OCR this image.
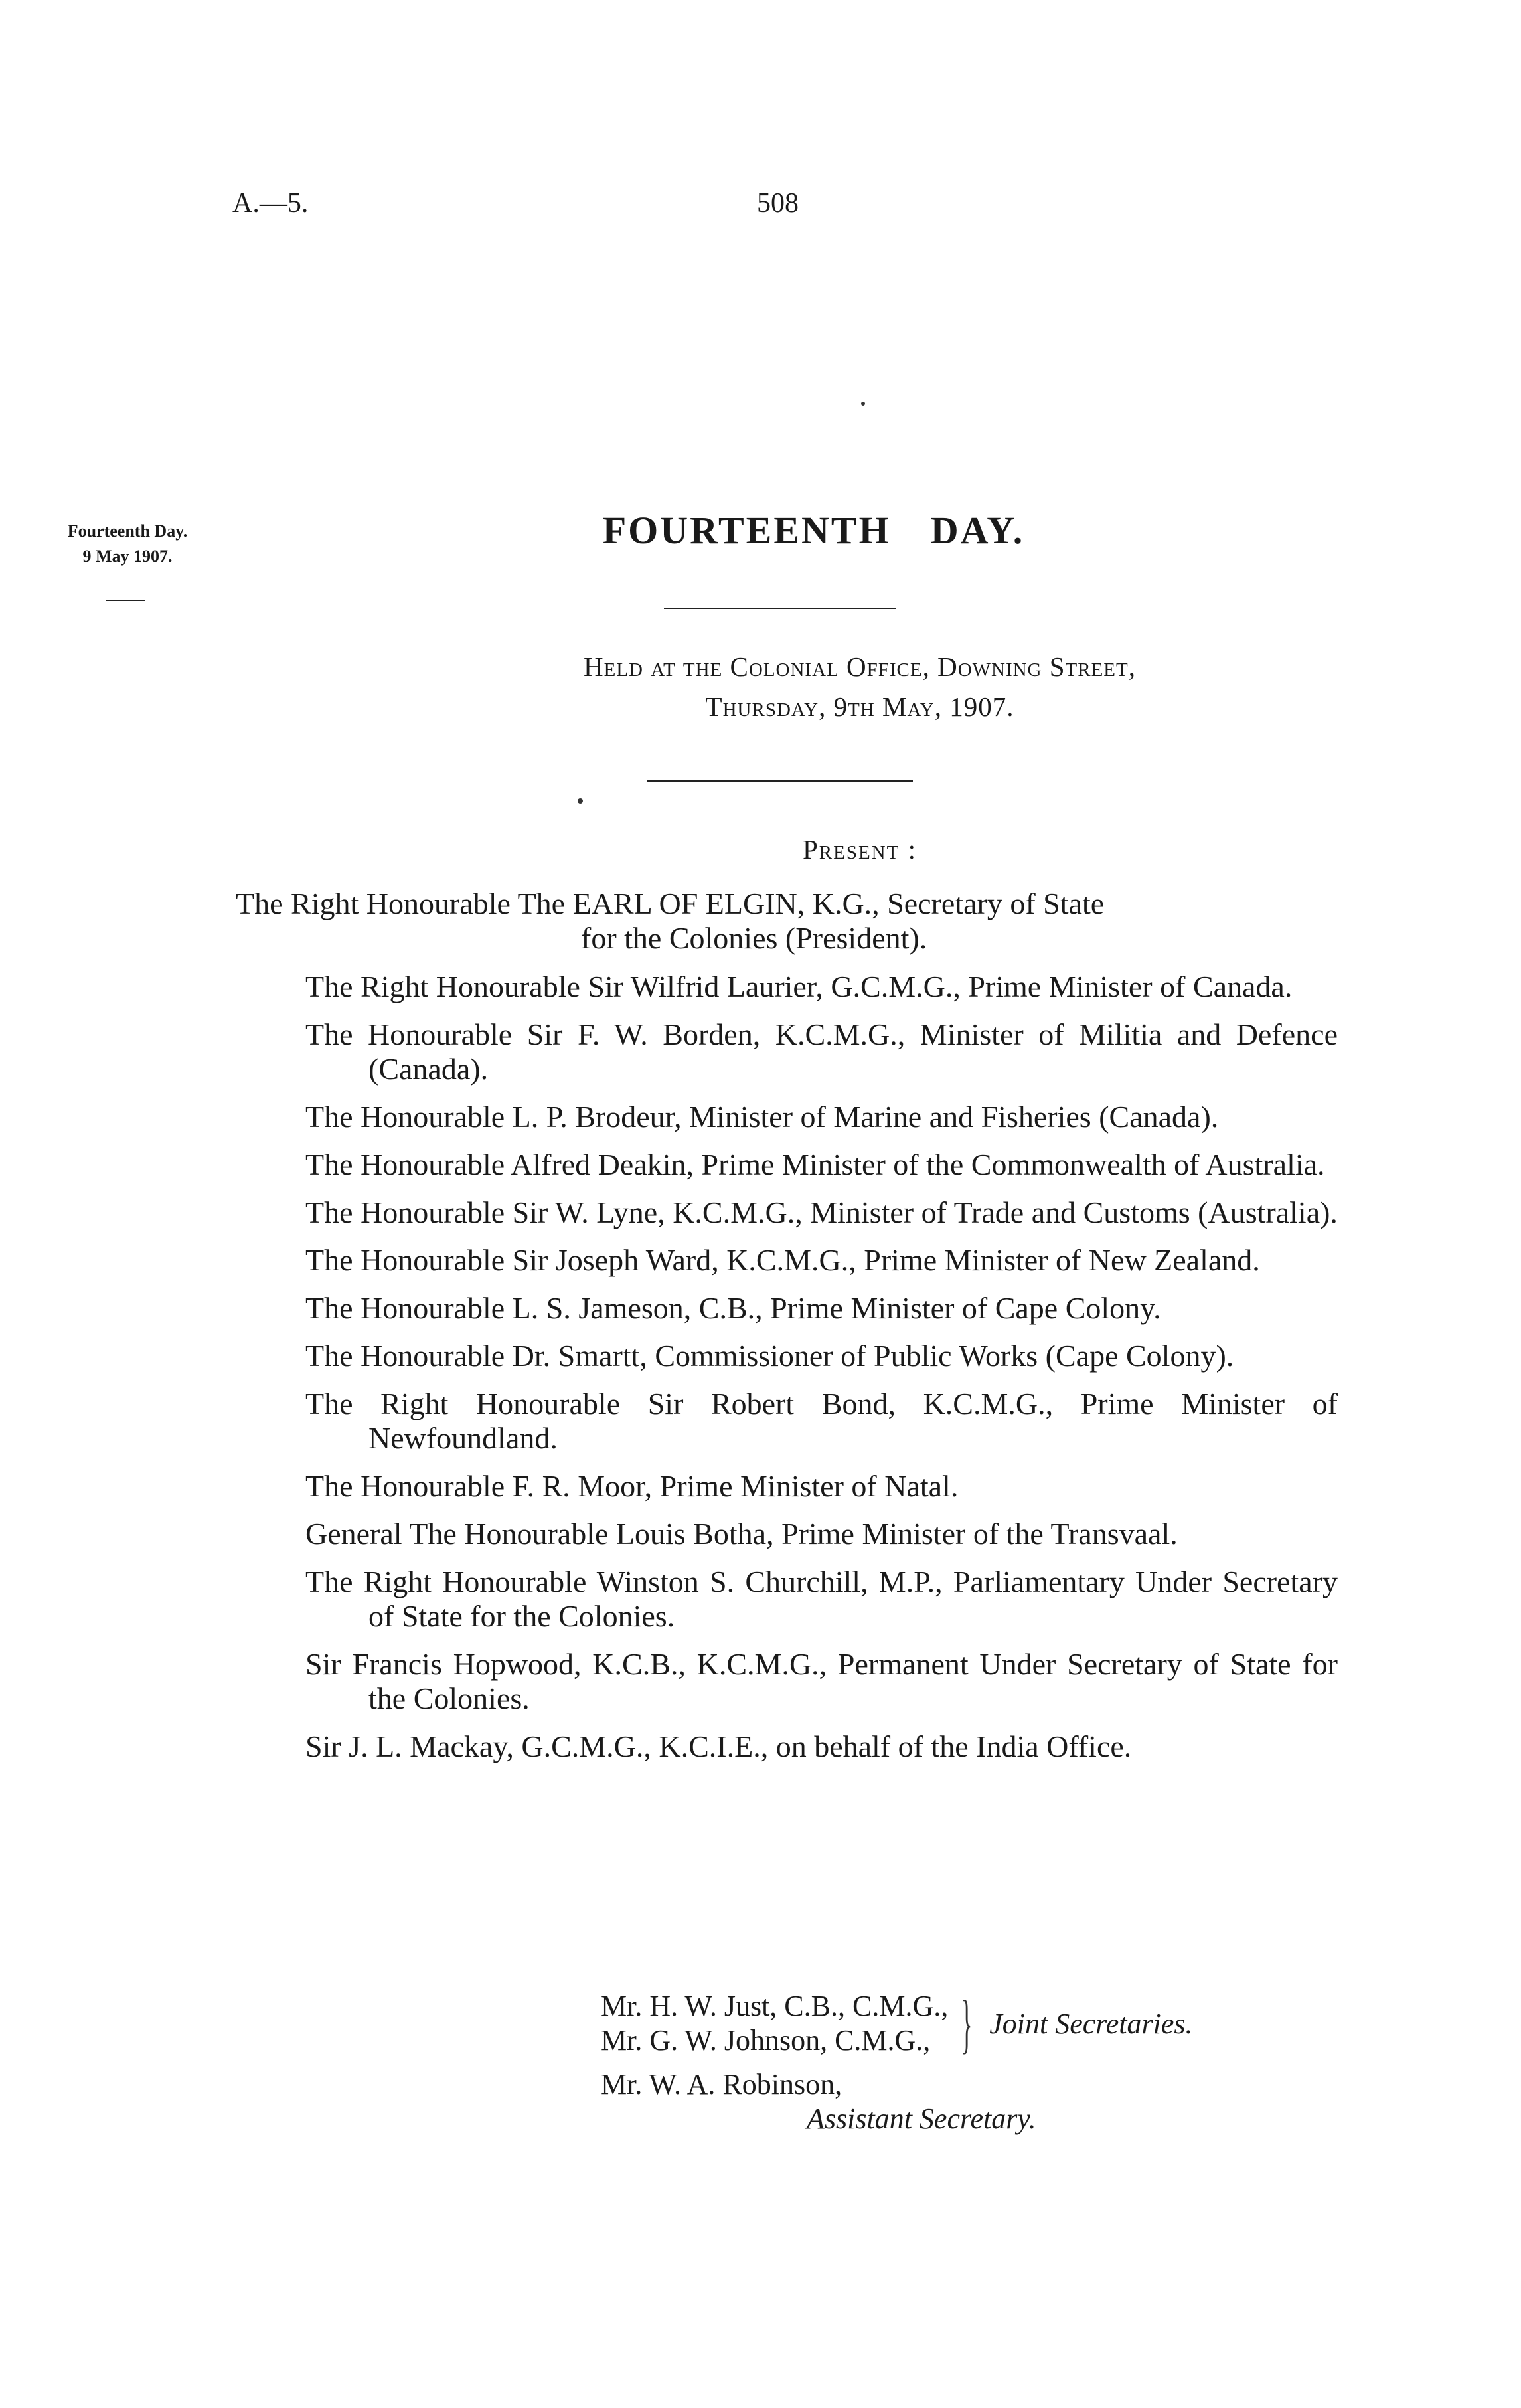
A.—5.	508
Fourteenth Day.
9 May 1907.
FOURTEENTH DAY.
Held at the Colonial Office, Downing Street,
Thursday, 9th May, 1907.
Present :
The Right Honourable The EARL OF ELGIN, K.G., Secretary of State
for the Colonies (President).
The Right Honourable Sir Wilfrid Laurier, G.C.M.G., Prime Minister of Canada.
The Honourable Sir F. W. Borden, K.C.M.G., Minister of Militia and Defence (Canada).
The Honourable L. P. Brodeur, Minister of Marine and Fisheries (Canada).
The Honourable Alfred Deakin, Prime Minister of the Commonwealth of Australia.
The Honourable Sir W. Lyne, K.C.M.G., Minister of Trade and Customs (Australia).
The Honourable Sir Joseph Ward, K.C.M.G., Prime Minister of New Zealand.
The Honourable L. S. Jameson, C.B., Prime Minister of Cape Colony.
The Honourable Dr. Smartt, Commissioner of Public Works (Cape Colony).
The Right Honourable Sir Robert Bond, K.C.M.G., Prime Minister of Newfoundland.
The Honourable F. R. Moor, Prime Minister of Natal.
General The Honourable Louis Botha, Prime Minister of the Transvaal.
The Right Honourable Winston S. Churchill, M.P., Parliamentary Under Secretary of State for the Colonies.
Sir Francis Hopwood, K.C.B., K.C.M.G., Permanent Under Secretary of State for the Colonies.
Sir J. L. Mackay, G.C.M.G., K.C.I.E., on behalf of the India Office.
Mr. H. W. Just, C.B., C.M.G.,
Mr. G. W. Johnson, C.M.G., } Joint Secretaries.
Mr. W. A. Robinson,
Assistant Secretary.
